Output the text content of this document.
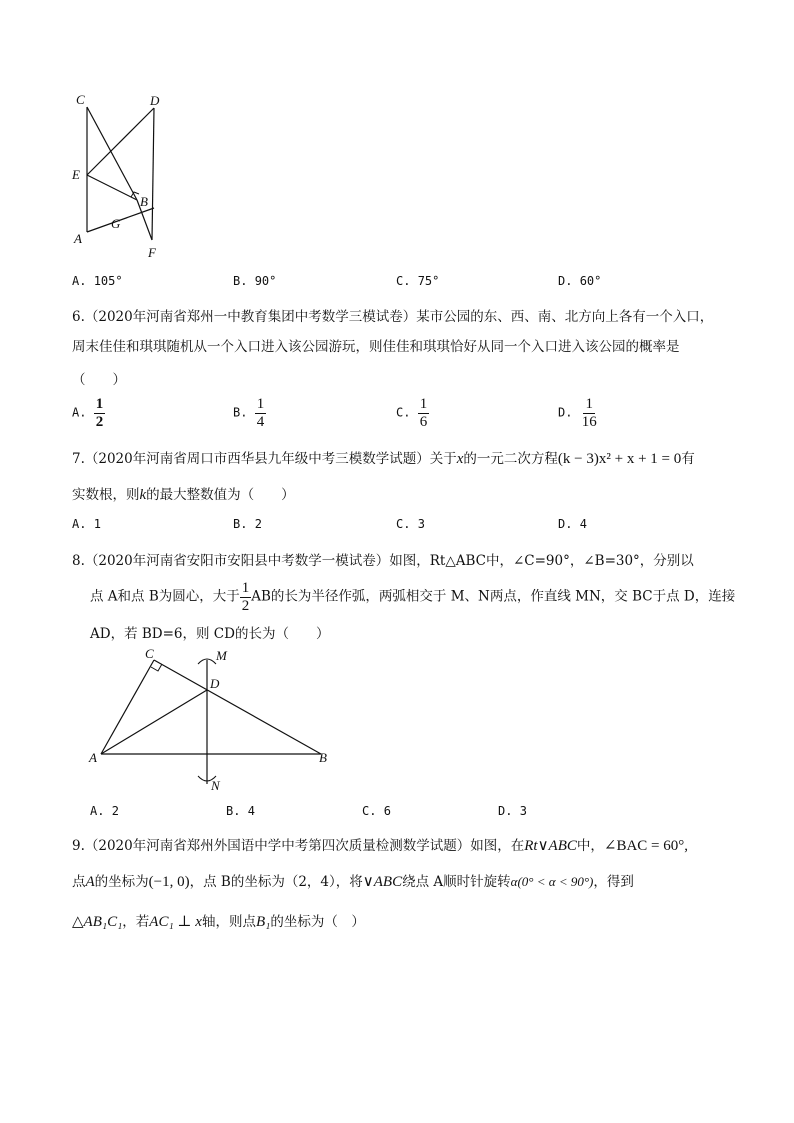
C	D
E
B
G
A
F
A. 105°	B. 90°	C. 75°	D. 60°
6.（2020年河南省郑州一中教育集团中考数学三模试卷）某市公园的东、西、南、北方向上各有一个入口，
周末佳佳和琪琪随机从一个入口进入该公园游玩，则佳佳和琪琪恰好从同一个入口进入该公园的概率是
（　　）
A. $\frac{1}{2}$	B. $\frac{1}{4}$	C. $\frac{1}{6}$	D. $\frac{1}{16}$
7.（2020年河南省周口市西华县九年级中考三模数学试题）关于x的一元二次方程(k − 3)x² + x + 1 = 0有
实数根，则k的最大整数值为（　　）
A. 1	B. 2	C. 3	D. 4
8.（2020年河南省安阳市安阳县中考数学一模试卷）如图，Rt△ABC中，∠C=90°，∠B=30°，分别以
点 A和点 B为圆心，大于 $\frac{1}{2}$ AB的长为半径作弧，两弧相交于 M、N两点，作直线 MN，交 BC于点 D，连接
AD，若 BD=6，则 CD的长为（　　）
C	M
D
A	B
N
A. 2	B. 4	C. 6	D. 3
9.（2020年河南省郑州外国语中学中考第四次质量检测数学试题）如图，在Rt∨ABC中，∠BAC = 60°,
点A的坐标为(−1, 0)，点 B的坐标为（2，4），将∨ABC绕点 A顺时针旋转α(0° < α < 90°)，得到
△AB₁C₁，若AC₁ ⊥ x轴，则点B₁的坐标为（　）
